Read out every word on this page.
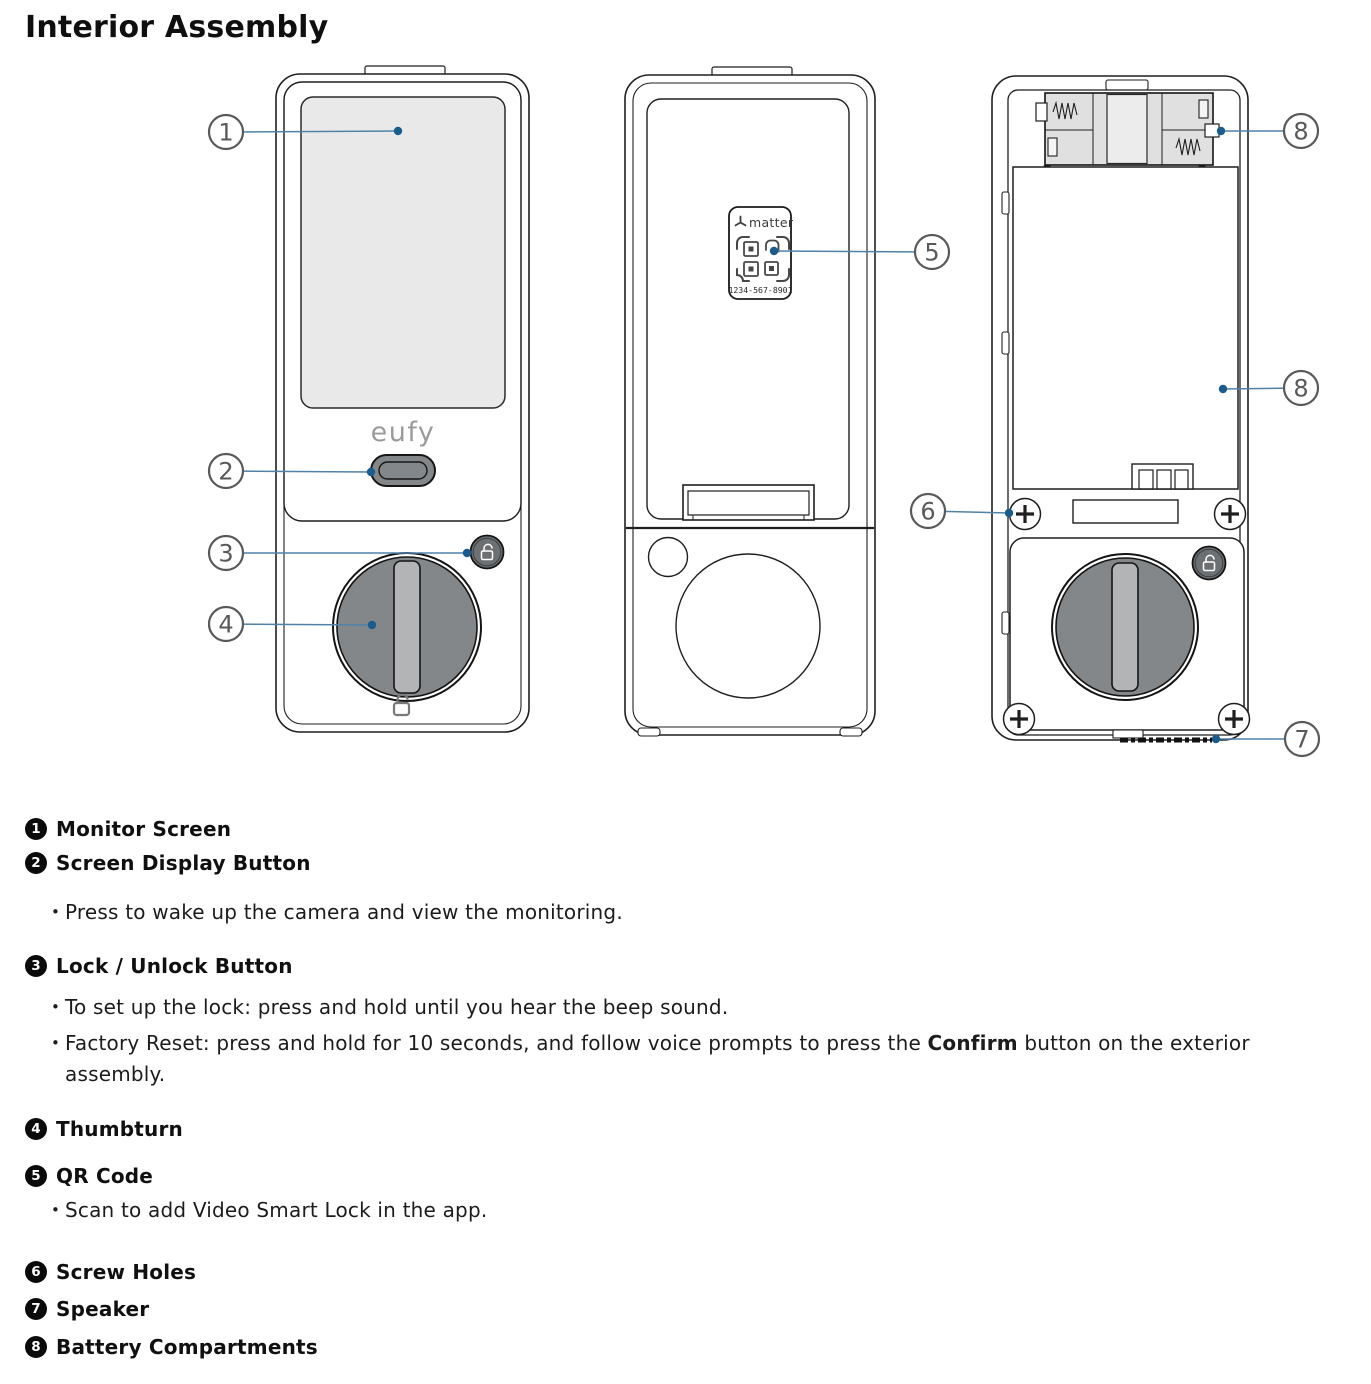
Interior Assembly
eufy
matter
1234-567-8901
1
2
3
4
5
6
7
8
8
1 Monitor Screen
2 Screen Display Button
• Press to wake up the camera and view the monitoring.
3 Lock / Unlock Button
• To set up the lock: press and hold until you hear the beep sound.
• Factory Reset: press and hold for 10 seconds, and follow voice prompts to press the Confirm button on the exterior assembly.
4 Thumbturn
5 QR Code
• Scan to add Video Smart Lock in the app.
6 Screw Holes
7 Speaker
8 Battery Compartments
